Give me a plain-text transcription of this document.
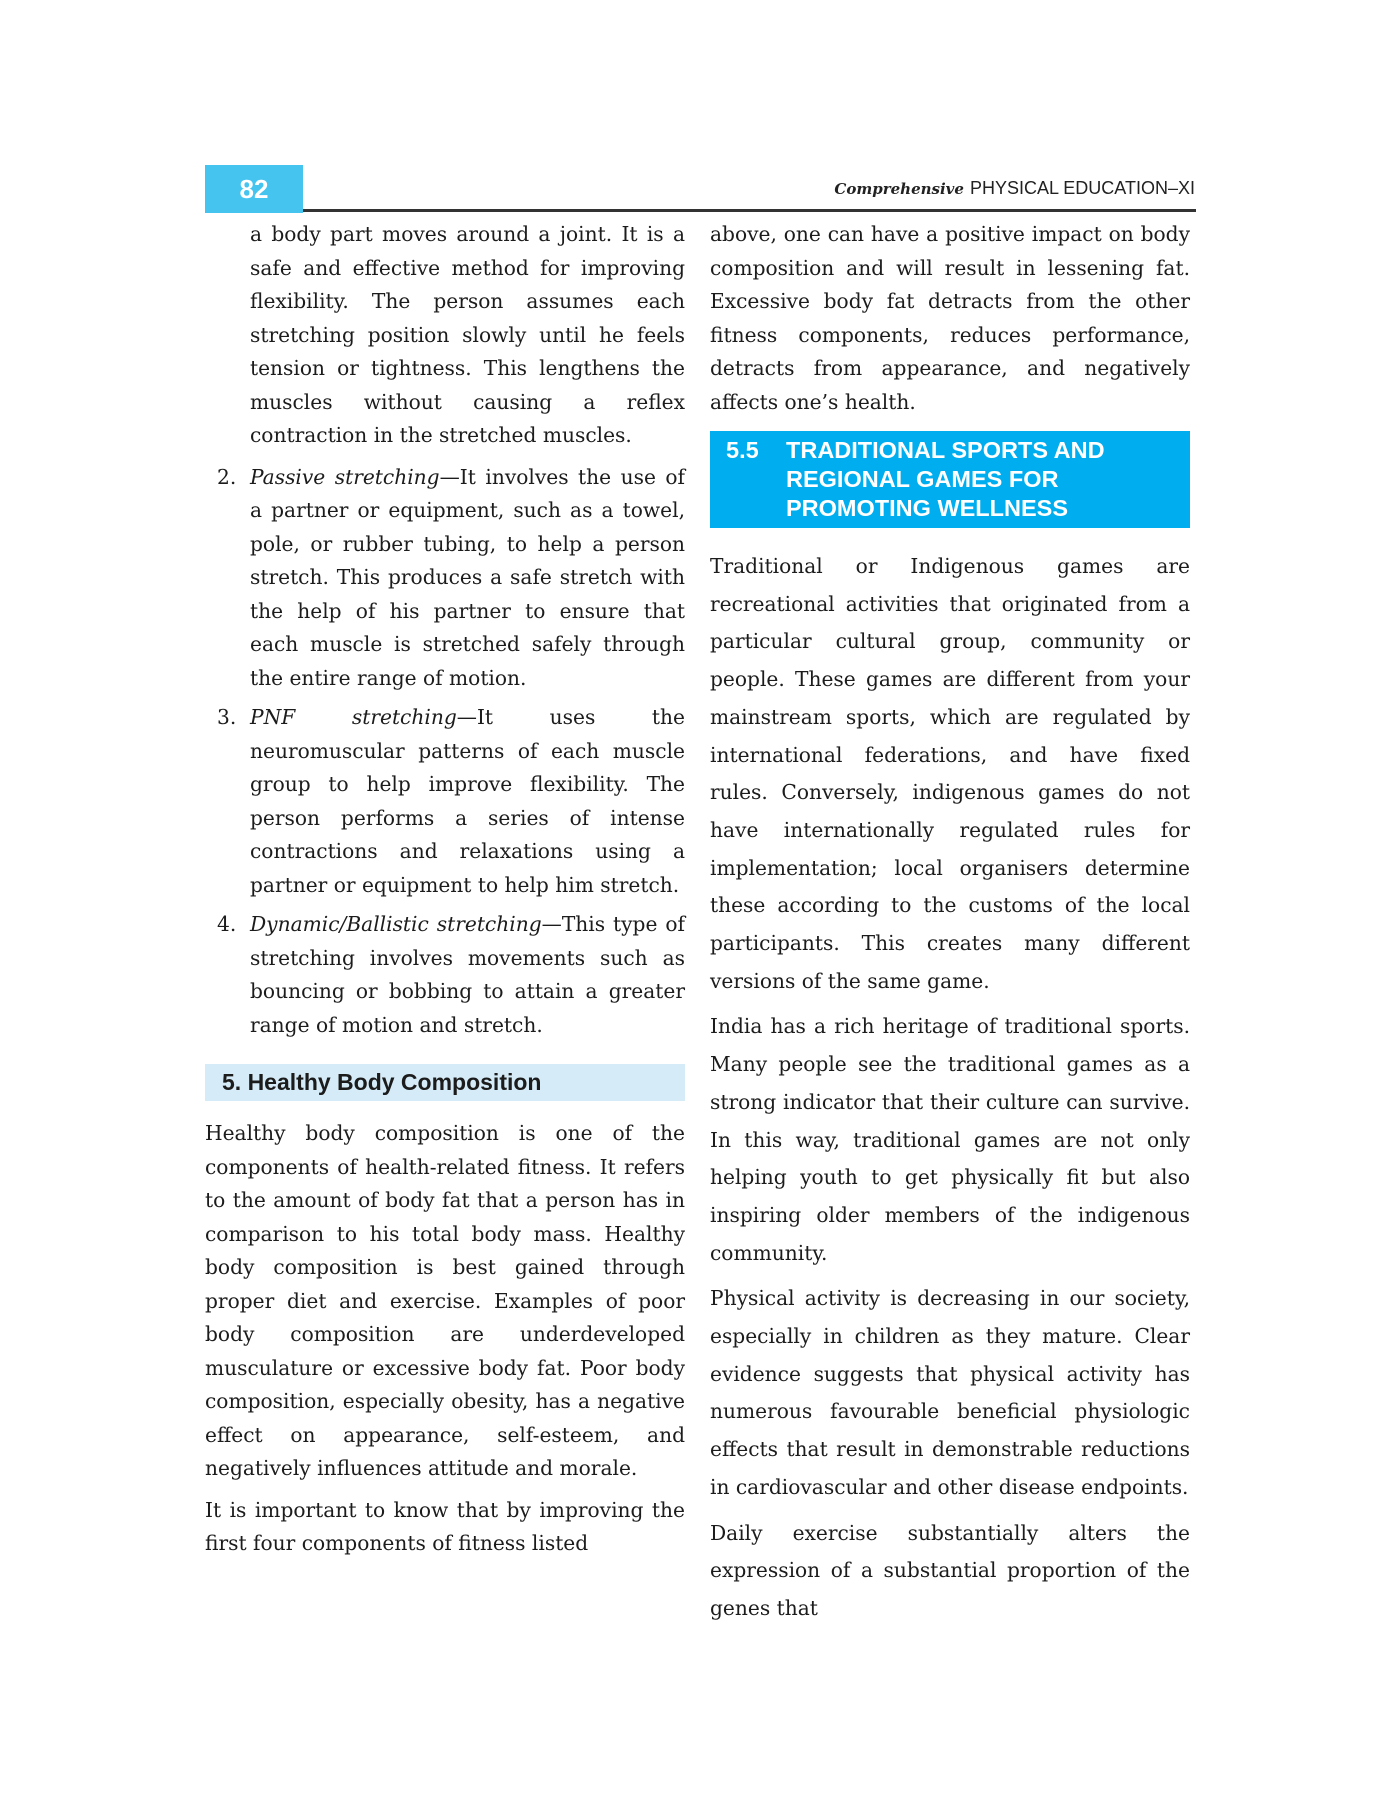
82	Comprehensive PHYSICAL EDUCATION–XI

a body part moves around a joint. It is a safe and effective method for improving flexibility. The person assumes each stretching position slowly until he feels tension or tightness. This lengthens the muscles without causing a reflex contraction in the stretched muscles.

2. Passive stretching—It involves the use of a partner or equipment, such as a towel, pole, or rubber tubing, to help a person stretch. This produces a safe stretch with the help of his partner to ensure that each muscle is stretched safely through the entire range of motion.
3. PNF stretching—It uses the neuromuscular patterns of each muscle group to help improve flexibility. The person performs a series of intense contractions and relaxations using a partner or equipment to help him stretch.
4. Dynamic/Ballistic stretching—This type of stretching involves movements such as bouncing or bobbing to attain a greater range of motion and stretch.
5. Healthy Body Composition

Healthy body composition is one of the components of health-related fitness. It refers to the amount of body fat that a person has in comparison to his total body mass. Healthy body composition is best gained through proper diet and exercise. Examples of poor body composition are underdeveloped musculature or excessive body fat. Poor body composition, especially obesity, has a negative effect on appearance, self-esteem, and negatively influences attitude and morale.

It is important to know that by improving the first four components of fitness listed

above, one can have a positive impact on body composition and will result in lessening fat. Excessive body fat detracts from the other fitness components, reduces performance, detracts from appearance, and negatively affects one’s health.

5.5	TRADITIONAL SPORTS AND REGIONAL GAMES FOR PROMOTING WELLNESS

Traditional or Indigenous games are recreational activities that originated from a particular cultural group, community or people. These games are different from your mainstream sports, which are regulated by international federations, and have fixed rules. Conversely, indigenous games do not have internationally regulated rules for implementation; local organisers determine these according to the customs of the local participants. This creates many different versions of the same game.

India has a rich heritage of traditional sports. Many people see the traditional games as a strong indicator that their culture can survive. In this way, traditional games are not only helping youth to get physically fit but also inspiring older members of the indigenous community.

Physical activity is decreasing in our society, especially in children as they mature. Clear evidence suggests that physical activity has numerous favourable beneficial physiologic effects that result in demonstrable reductions in cardiovascular and other disease endpoints.

Daily exercise substantially alters the expression of a substantial proportion of the genes that
